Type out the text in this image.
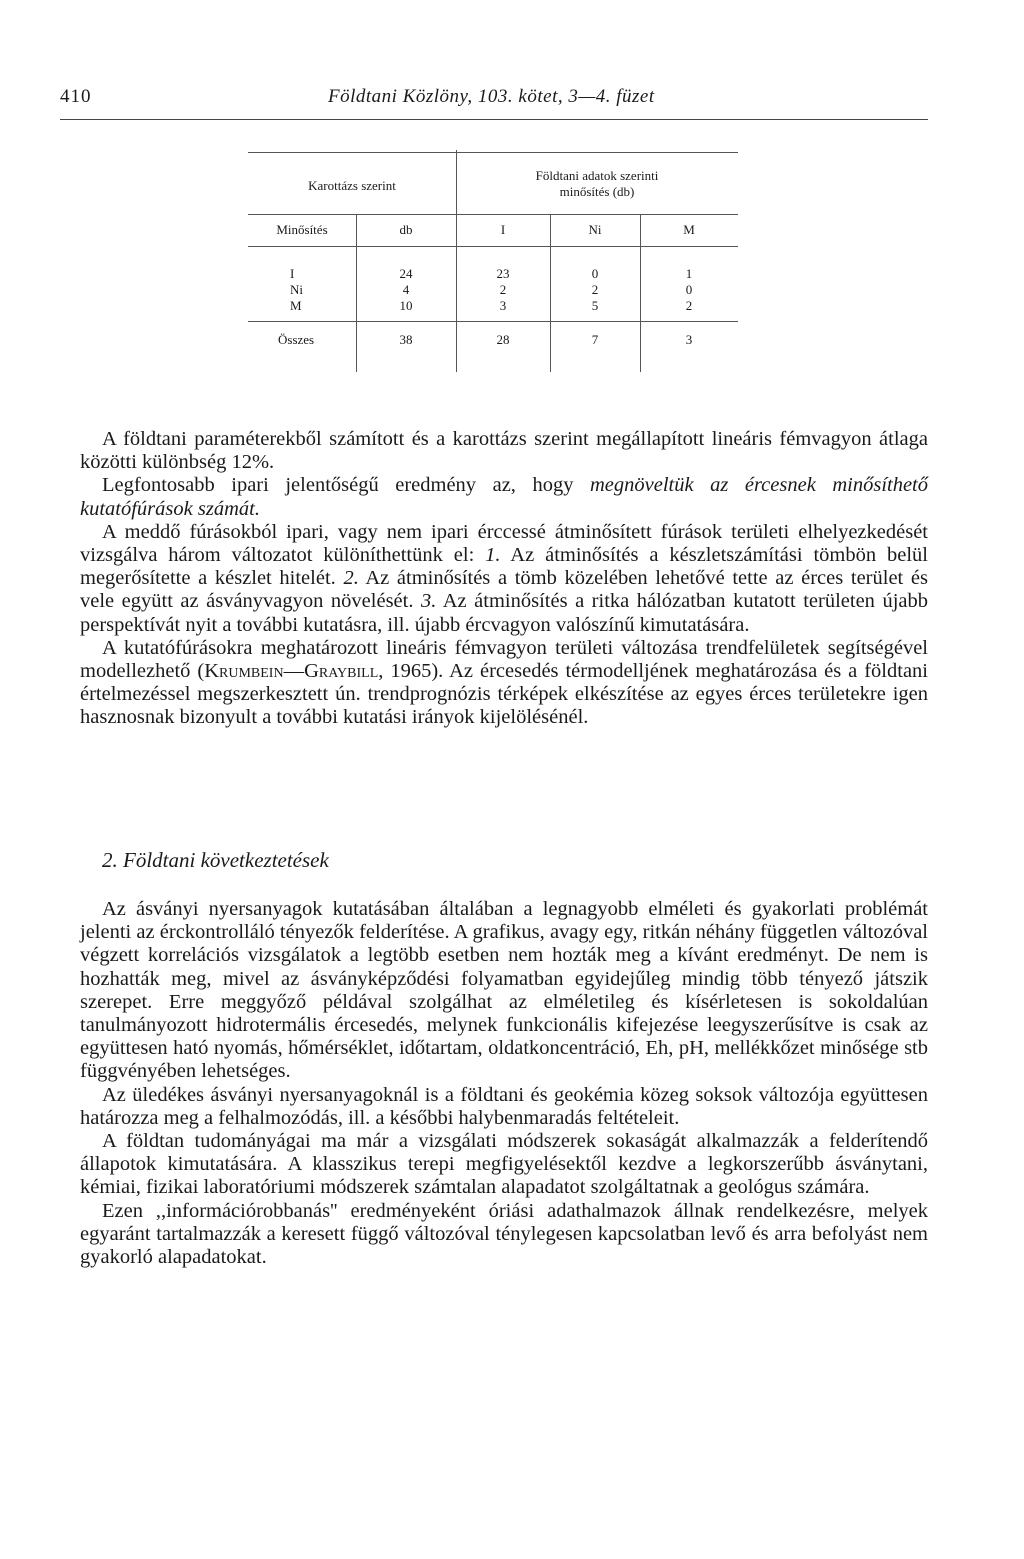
410	Földtani Közlöny, 103. kötet, 3—4. füzet
Karottázs szerint
Földtani adatok szerinti
minősítés (db)
Minősítés	db	I	Ni	M
I	24	23	0	1
Ni	4	2	2	0
M	10	3	5	2
Összes	38	28	7	3

A földtani paraméterekből számított és a karottázs szerint megállapított lineáris fémvagyon átlaga közötti különbség 12%.

Legfontosabb ipari jelentőségű eredmény az, hogy megnöveltük az ércesnek minősíthető kutatófúrások számát.

A meddő fúrásokból ipari, vagy nem ipari érccessé átminősített fúrások területi elhelyezkedését vizsgálva három változatot különíthettünk el: 1. Az átminősítés a készletszámítási tömbön belül megerősítette a készlet hitelét. 2. Az átminősítés a tömb közelében lehetővé tette az érces terület és vele együtt az ásványvagyon növelését. 3. Az átminősítés a ritka hálózatban kutatott területen újabb perspektívát nyit a további kutatásra, ill. újabb ércvagyon valószínű kimutatására.

A kutatófúrásokra meghatározott lineáris fémvagyon területi változása trendfelületek segítségével modellezhető (Krumbein—Graybill, 1965). Az ércesedés térmodelljének meghatározása és a földtani értelmezéssel megszerkesztett ún. trendprognózis térképek elkészítése az egyes érces területekre igen hasznosnak bizonyult a további kutatási irányok kijelölésénél.

2. Földtani következtetések

Az ásványi nyersanyagok kutatásában általában a legnagyobb elméleti és gyakorlati problémát jelenti az érckontrolláló tényezők felderítése. A grafikus, avagy egy, ritkán néhány független változóval végzett korrelációs vizsgálatok a legtöbb esetben nem hozták meg a kívánt eredményt. De nem is hozhatták meg, mivel az ásványképződési folyamatban egyidejűleg mindig több tényező játszik szerepet. Erre meggyőző példával szolgálhat az elméletileg és kísérletesen is sokoldalúan tanulmányozott hidrotermális ércesedés, melynek funkcionális kifejezése leegyszerűsítve is csak az együttesen ható nyomás, hőmérséklet, időtartam, oldatkoncentráció, Eh, pH, mellékkőzet minősége stb függvényében lehetséges.

Az üledékes ásványi nyersanyagoknál is a földtani és geokémia közeg soksok változója együttesen határozza meg a felhalmozódás, ill. a későbbi halybenmaradás feltételeit.

A földtan tudományágai ma már a vizsgálati módszerek sokaságát alkalmazzák a felderítendő állapotok kimutatására. A klasszikus terepi megfigyelésektől kezdve a legkorszerűbb ásványtani, kémiai, fizikai laboratóriumi módszerek számtalan alapadatot szolgáltatnak a geológus számára.

Ezen ,,információrobbanás'' eredményeként óriási adathalmazok állnak rendelkezésre, melyek egyaránt tartalmazzák a keresett függő változóval ténylegesen kapcsolatban levő és arra befolyást nem gyakorló alapadatokat.
